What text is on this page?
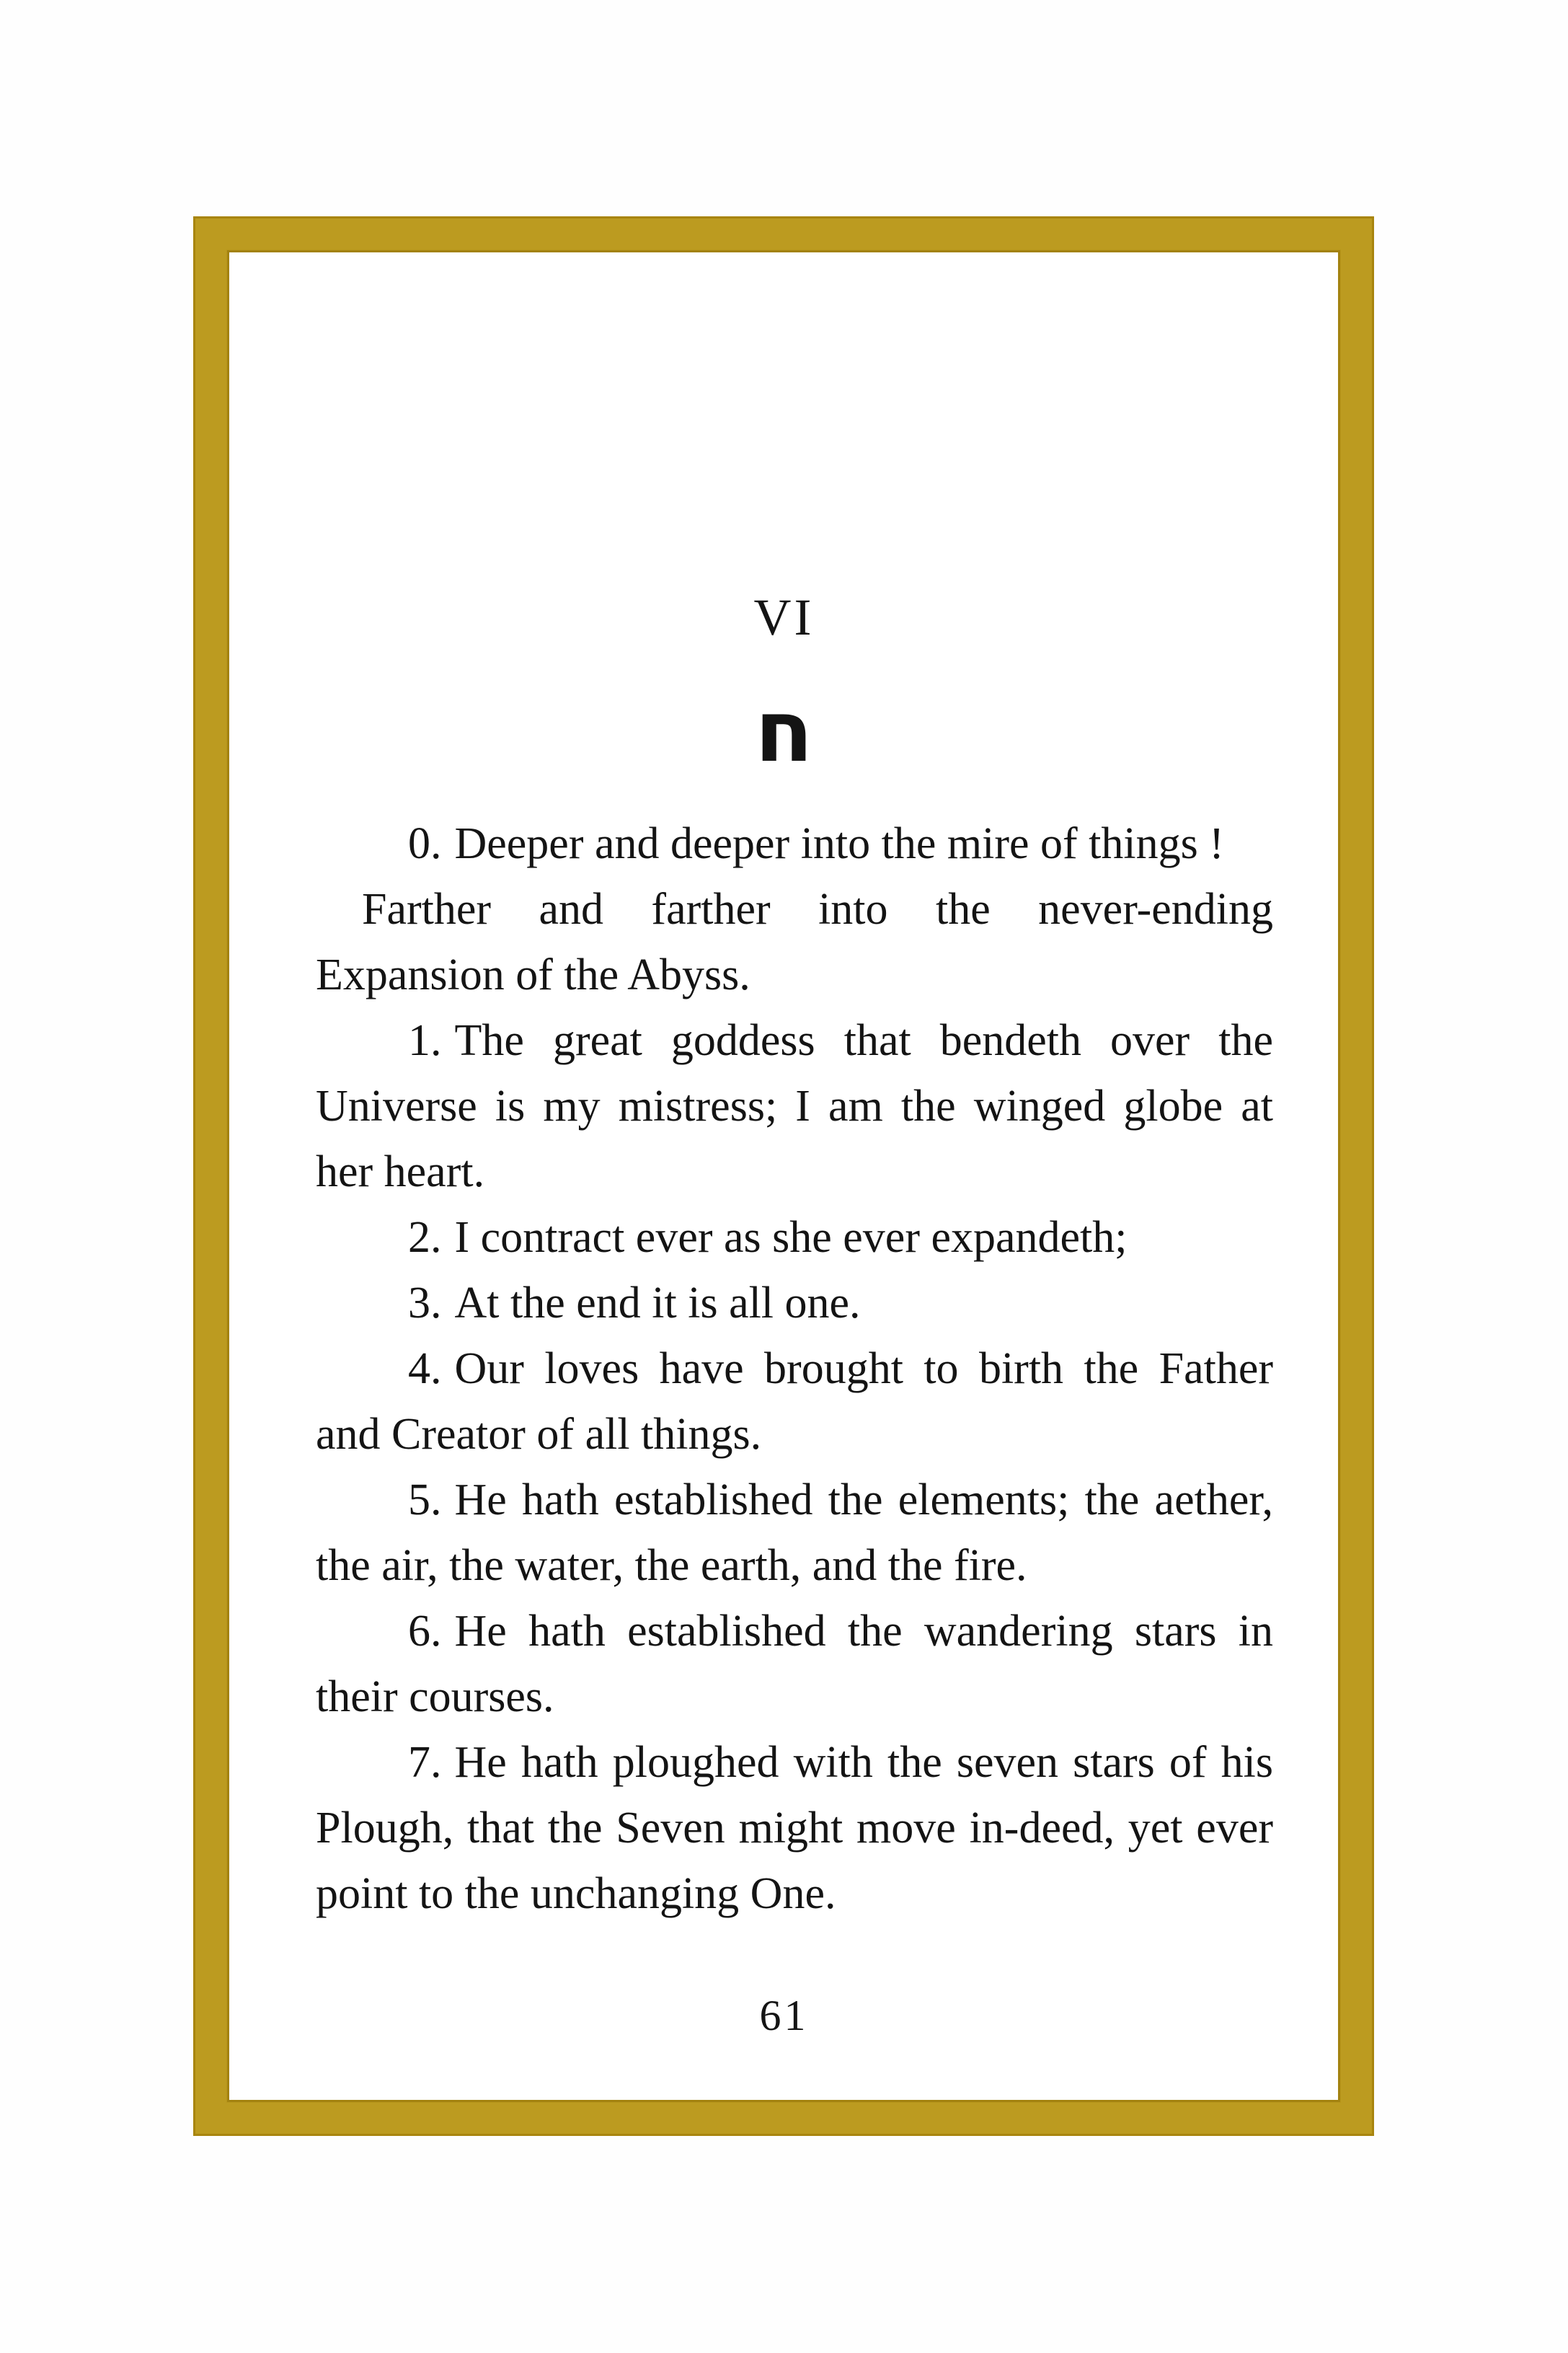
VI
ח

0. Deeper and deeper into the mire of things !

Farther and farther into the never-ending Expansion of the Abyss.

1. The great goddess that bendeth over the Universe is my mistress; I am the winged globe at her heart.

2. I contract ever as she ever expandeth;

3. At the end it is all one.

4. Our loves have brought to birth the Father and Creator of all things.

5. He hath established the elements; the aether, the air, the water, the earth, and the fire.

6. He hath established the wandering stars in their courses.

7. He hath ploughed with the seven stars of his Plough, that the Seven might move in-deed, yet ever point to the unchanging One.

61
